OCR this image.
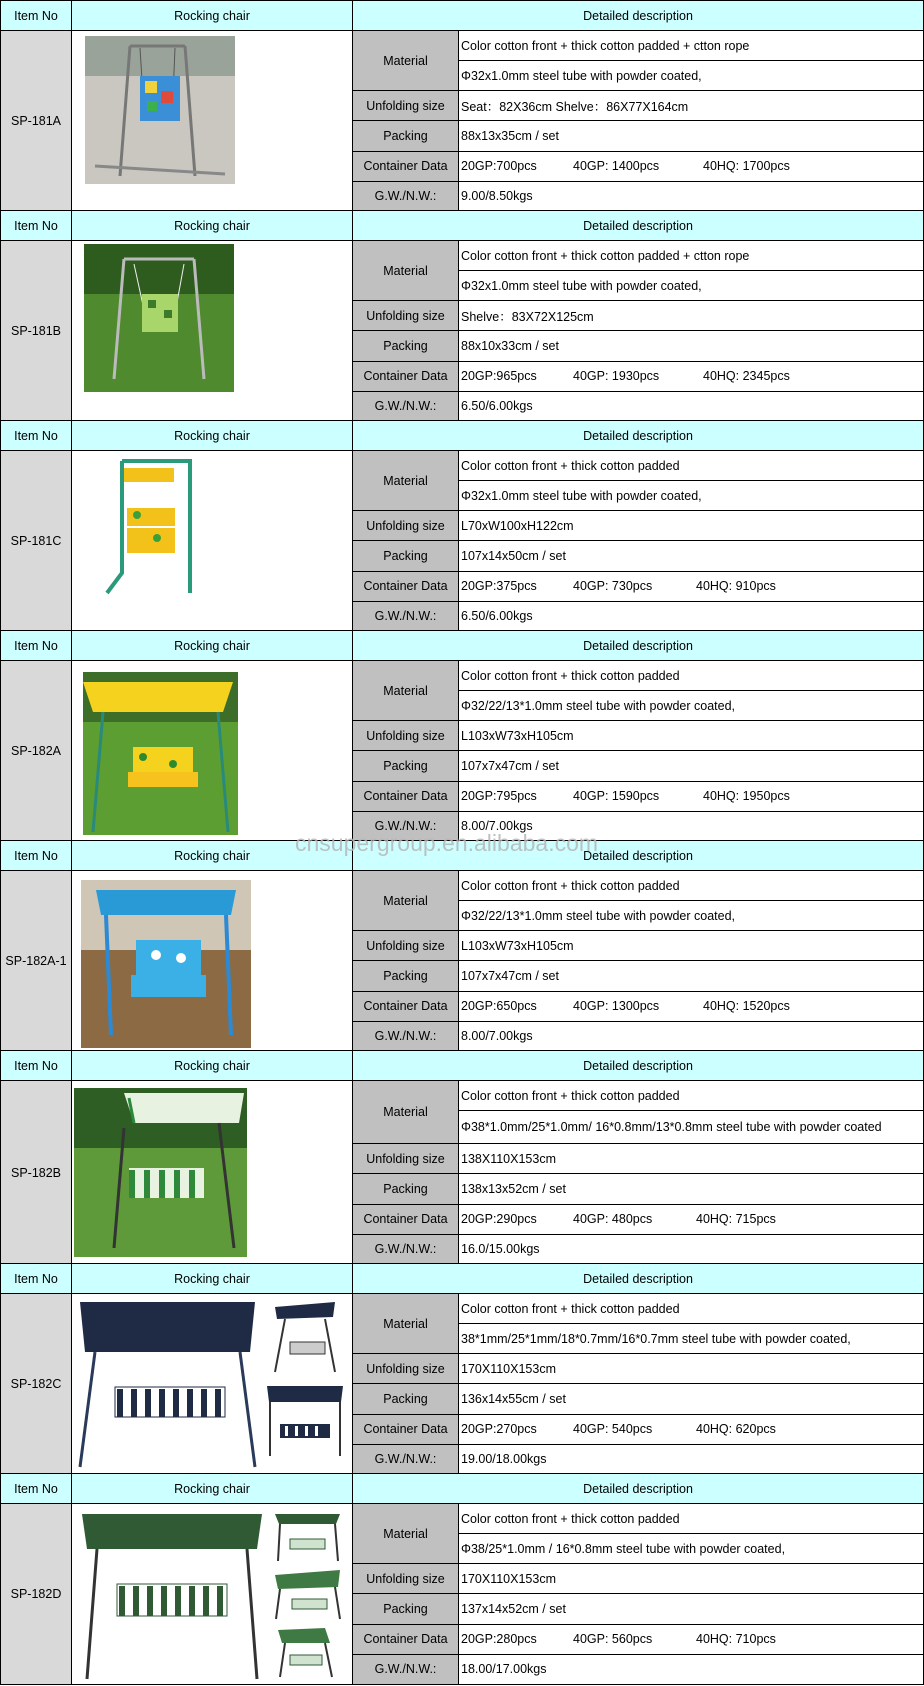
Item No	Rocking chair	Detailed description	
SP-181A		Material	Color cotton front + thick cotton padded + ctton rope
			Φ32x1.0mm steel tube with powder coated,
		Unfolding size	Seat：82X36cm Shelve：86X77X164cm
		Packing	88x13x35cm / set
		Container Data	20GP:700pcs 40GP: 1400pcs 40HQ: 1700pcs
		G.W./N.W.:	9.00/8.50kgs
Item No	Rocking chair	Detailed description	
SP-181B		Material	Color cotton front + thick cotton padded + ctton rope
			Φ32x1.0mm steel tube with powder coated,
		Unfolding size	Shelve：83X72X125cm
		Packing	88x10x33cm / set
		Container Data	20GP:965pcs 40GP: 1930pcs 40HQ: 2345pcs
		G.W./N.W.:	6.50/6.00kgs
Item No	Rocking chair	Detailed description	
SP-181C		Material	Color cotton front + thick cotton padded
			Φ32x1.0mm steel tube with powder coated,
		Unfolding size	L70xW100xH122cm
		Packing	107x14x50cm / set
		Container Data	20GP:375pcs 40GP: 730pcs 40HQ: 910pcs
		G.W./N.W.:	6.50/6.00kgs
Item No	Rocking chair	Detailed description	
SP-182A		Material	Color cotton front + thick cotton padded
			Φ32/22/13*1.0mm steel tube with powder coated,
		Unfolding size	L103xW73xH105cm
		Packing	107x7x47cm / set
		Container Data	20GP:795pcs 40GP: 1590pcs 40HQ: 1950pcs
		G.W./N.W.:	8.00/7.00kgs
Item No	Rocking chair	Detailed description	
SP-182A-1		Material	Color cotton front + thick cotton padded
			Φ32/22/13*1.0mm steel tube with powder coated,
		Unfolding size	L103xW73xH105cm
		Packing	107x7x47cm / set
		Container Data	20GP:650pcs 40GP: 1300pcs 40HQ: 1520pcs
		G.W./N.W.:	8.00/7.00kgs
Item No	Rocking chair	Detailed description	
SP-182B		Material	Color cotton front + thick cotton padded
			Φ38*1.0mm/25*1.0mm/ 16*0.8mm/13*0.8mm steel tube with powder coated
		Unfolding size	138X110X153cm
		Packing	138x13x52cm / set
		Container Data	20GP:290pcs 40GP: 480pcs 40HQ: 715pcs
		G.W./N.W.:	16.0/15.00kgs
Item No	Rocking chair	Detailed description	
SP-182C		Material	Color cotton front + thick cotton padded
			38*1mm/25*1mm/18*0.7mm/16*0.7mm steel tube with powder coated,
		Unfolding size	170X110X153cm
		Packing	136x14x55cm / set
		Container Data	20GP:270pcs 40GP: 540pcs 40HQ: 620pcs
		G.W./N.W.:	19.00/18.00kgs
Item No	Rocking chair	Detailed description	
SP-182D		Material	Color cotton front + thick cotton padded
			Φ38/25*1.0mm / 16*0.8mm steel tube with powder coated,
		Unfolding size	170X110X153cm
		Packing	137x14x52cm / set
		Container Data	20GP:280pcs 40GP: 560pcs 40HQ: 710pcs
		G.W./N.W.:	18.00/17.00kgs
cnsupergroup.en.alibaba.com
